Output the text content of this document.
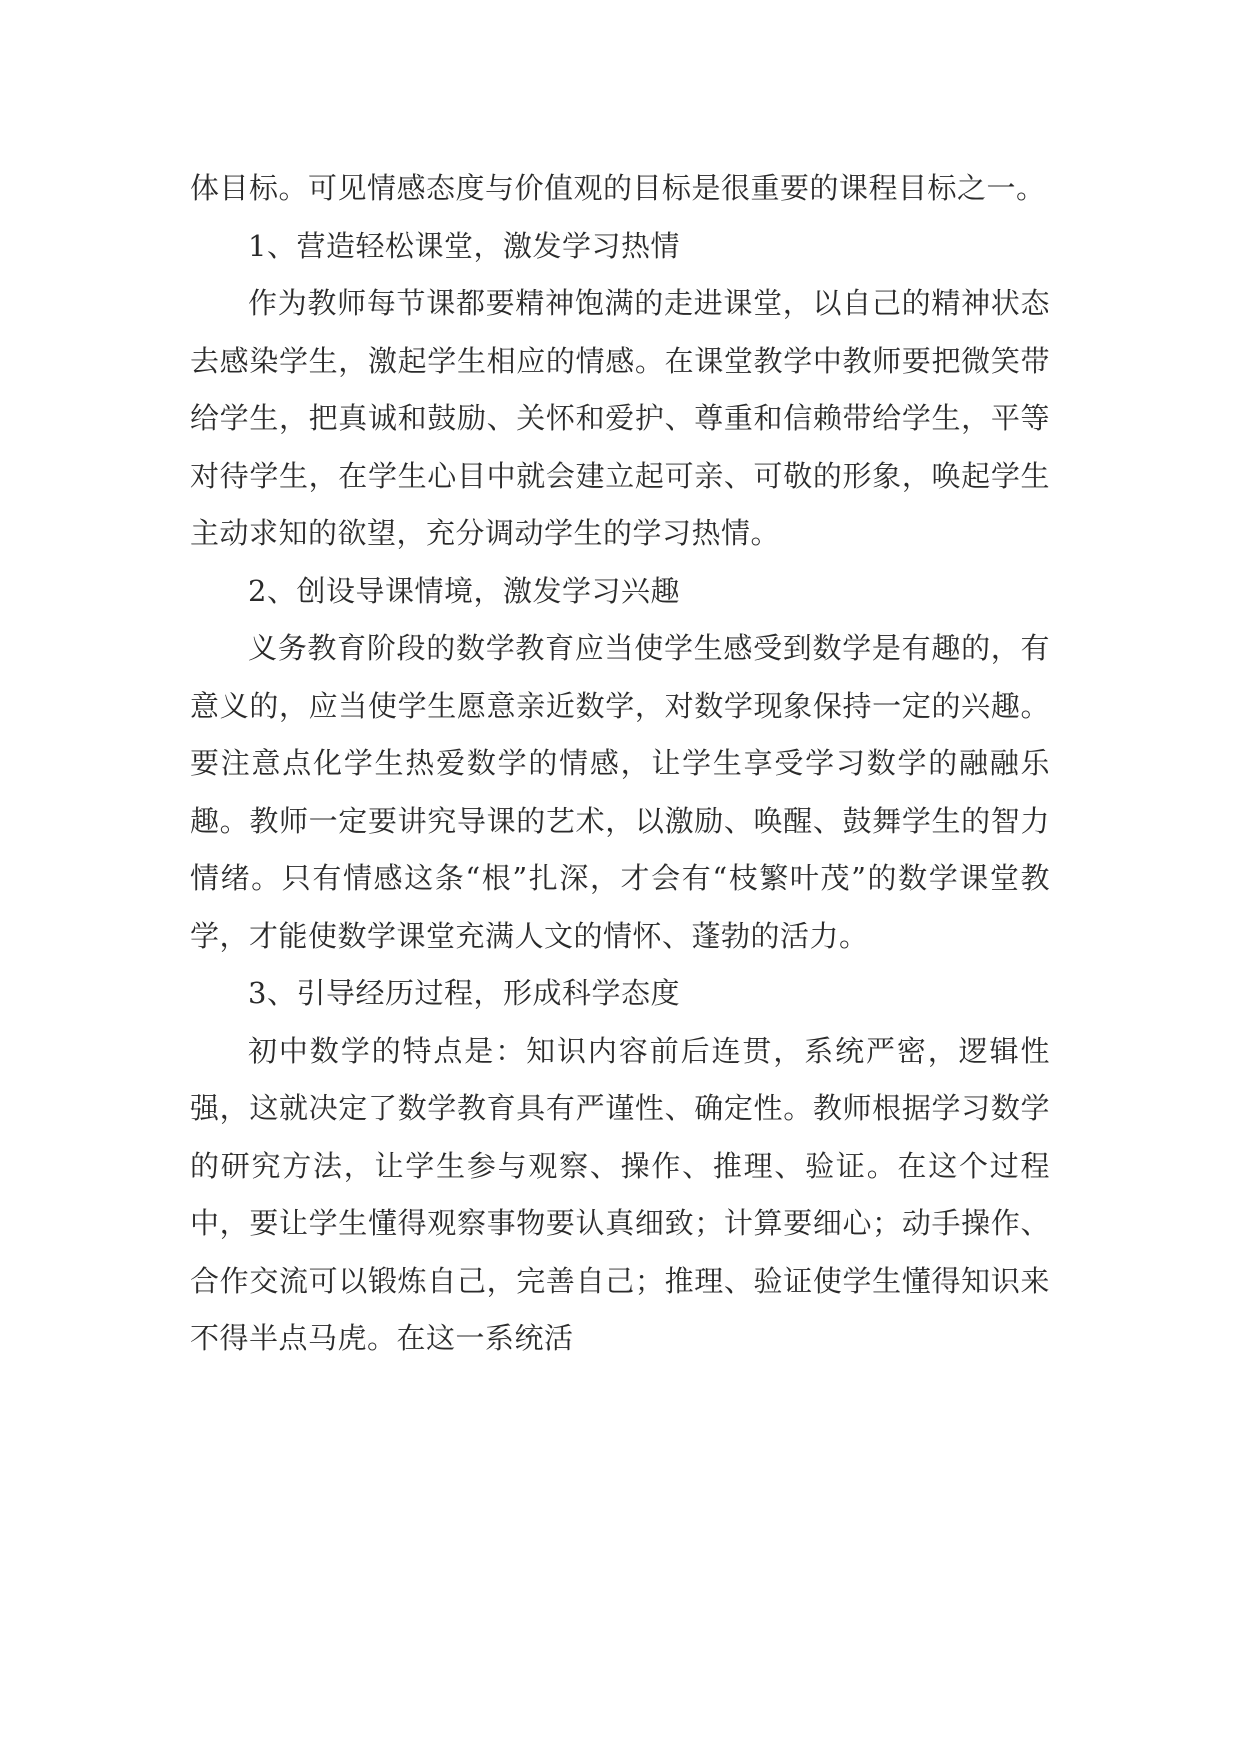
体目标。可见情感态度与价值观的目标是很重要的课程目标之一。

1、营造轻松课堂，激发学习热情

作为教师每节课都要精神饱满的走进课堂，以自己的精神状态去感染学生，激起学生相应的情感。在课堂教学中教师要把微笑带给学生，把真诚和鼓励、关怀和爱护、尊重和信赖带给学生，平等对待学生，在学生心目中就会建立起可亲、可敬的形象，唤起学生主动求知的欲望，充分调动学生的学习热情。

2、创设导课情境，激发学习兴趣

义务教育阶段的数学教育应当使学生感受到数学是有趣的，有意义的，应当使学生愿意亲近数学，对数学现象保持一定的兴趣。要注意点化学生热爱数学的情感，让学生享受学习数学的融融乐趣。教师一定要讲究导课的艺术，以激励、唤醒、鼓舞学生的智力情绪。只有情感这条“根”扎深，才会有“枝繁叶茂”的数学课堂教学，才能使数学课堂充满人文的情怀、蓬勃的活力。

3、引导经历过程，形成科学态度

初中数学的特点是：知识内容前后连贯，系统严密，逻辑性强，这就决定了数学教育具有严谨性、确定性。教师根据学习数学的研究方法，让学生参与观察、操作、推理、验证。在这个过程中，要让学生懂得观察事物要认真细致；计算要细心；动手操作、合作交流可以锻炼自己，完善自己；推理、验证使学生懂得知识来不得半点马虎。在这一系统活
